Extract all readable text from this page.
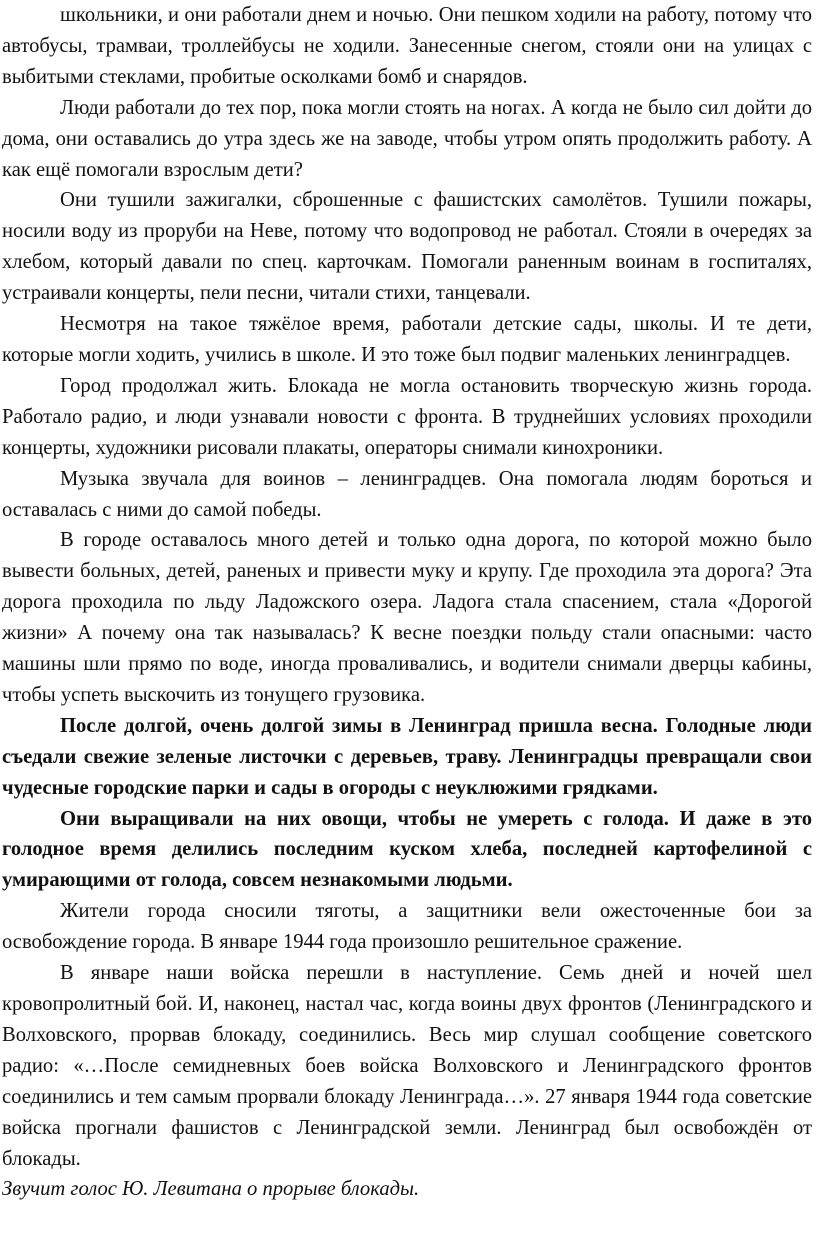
школьники, и они работали днем и ночью. Они пешком ходили на работу, потому что автобусы, трамваи, троллейбусы не ходили. Занесенные снегом, стояли они на улицах с выбитыми стеклами, пробитые осколками бомб и снарядов.

Люди работали до тех пор, пока могли стоять на ногах. А когда не было сил дойти до дома, они оставались до утра здесь же на заводе, чтобы утром опять продолжить работу. А как ещё помогали взрослым дети?

Они тушили зажигалки, сброшенные с фашистских самолётов. Тушили пожары, носили воду из проруби на Неве, потому что водопровод не работал. Стояли в очередях за хлебом, который давали по спец. карточкам. Помогали раненным воинам в госпиталях, устраивали концерты, пели песни, читали стихи, танцевали.

Несмотря на такое тяжёлое время, работали детские сады, школы. И те дети, которые могли ходить, учились в школе. И это тоже был подвиг маленьких ленинградцев.

Город продолжал жить. Блокада не могла остановить творческую жизнь города. Работало радио, и люди узнавали новости с фронта. В труднейших условиях проходили концерты, художники рисовали плакаты, операторы снимали кинохроники.

Музыка звучала для воинов – ленинградцев. Она помогала людям бороться и оставалась с ними до самой победы.

В городе оставалось много детей и только одна дорога, по которой можно было вывести больных, детей, раненых и привести муку и крупу. Где проходила эта дорога? Эта дорога проходила по льду Ладожского озера. Ладога стала спасением, стала «Дорогой жизни» А почему она так называлась? К весне поездки польду стали опасными: часто машины шли прямо по воде, иногда проваливались, и водители снимали дверцы кабины, чтобы успеть выскочить из тонущего грузовика.

После долгой, очень долгой зимы в Ленинград пришла весна. Голодные люди съедали свежие зеленые листочки с деревьев, траву. Ленинградцы превращали свои чудесные городские парки и сады в огороды с неуклюжими грядками.

Они выращивали на них овощи, чтобы не умереть с голода. И даже в это голодное время делились последним куском хлеба, последней картофелиной с умирающими от голода, совсем незнакомыми людьми.

Жители города сносили тяготы, а защитники вели ожесточенные бои за освобождение города. В январе 1944 года произошло решительное сражение.

В январе наши войска перешли в наступление. Семь дней и ночей шел кровопролитный бой. И, наконец, настал час, когда воины двух фронтов (Ленинградского и Волховского, прорвав блокаду, соединились. Весь мир слушал сообщение советского радио: «…После семидневных боев войска Волховского и Ленинградского фронтов соединились и тем самым прорвали блокаду Ленинграда…». 27 января 1944 года советские войска прогнали фашистов с Ленинградской земли. Ленинград был освобождён от блокады.

Звучит голос Ю. Левитана о прорыве блокады.
